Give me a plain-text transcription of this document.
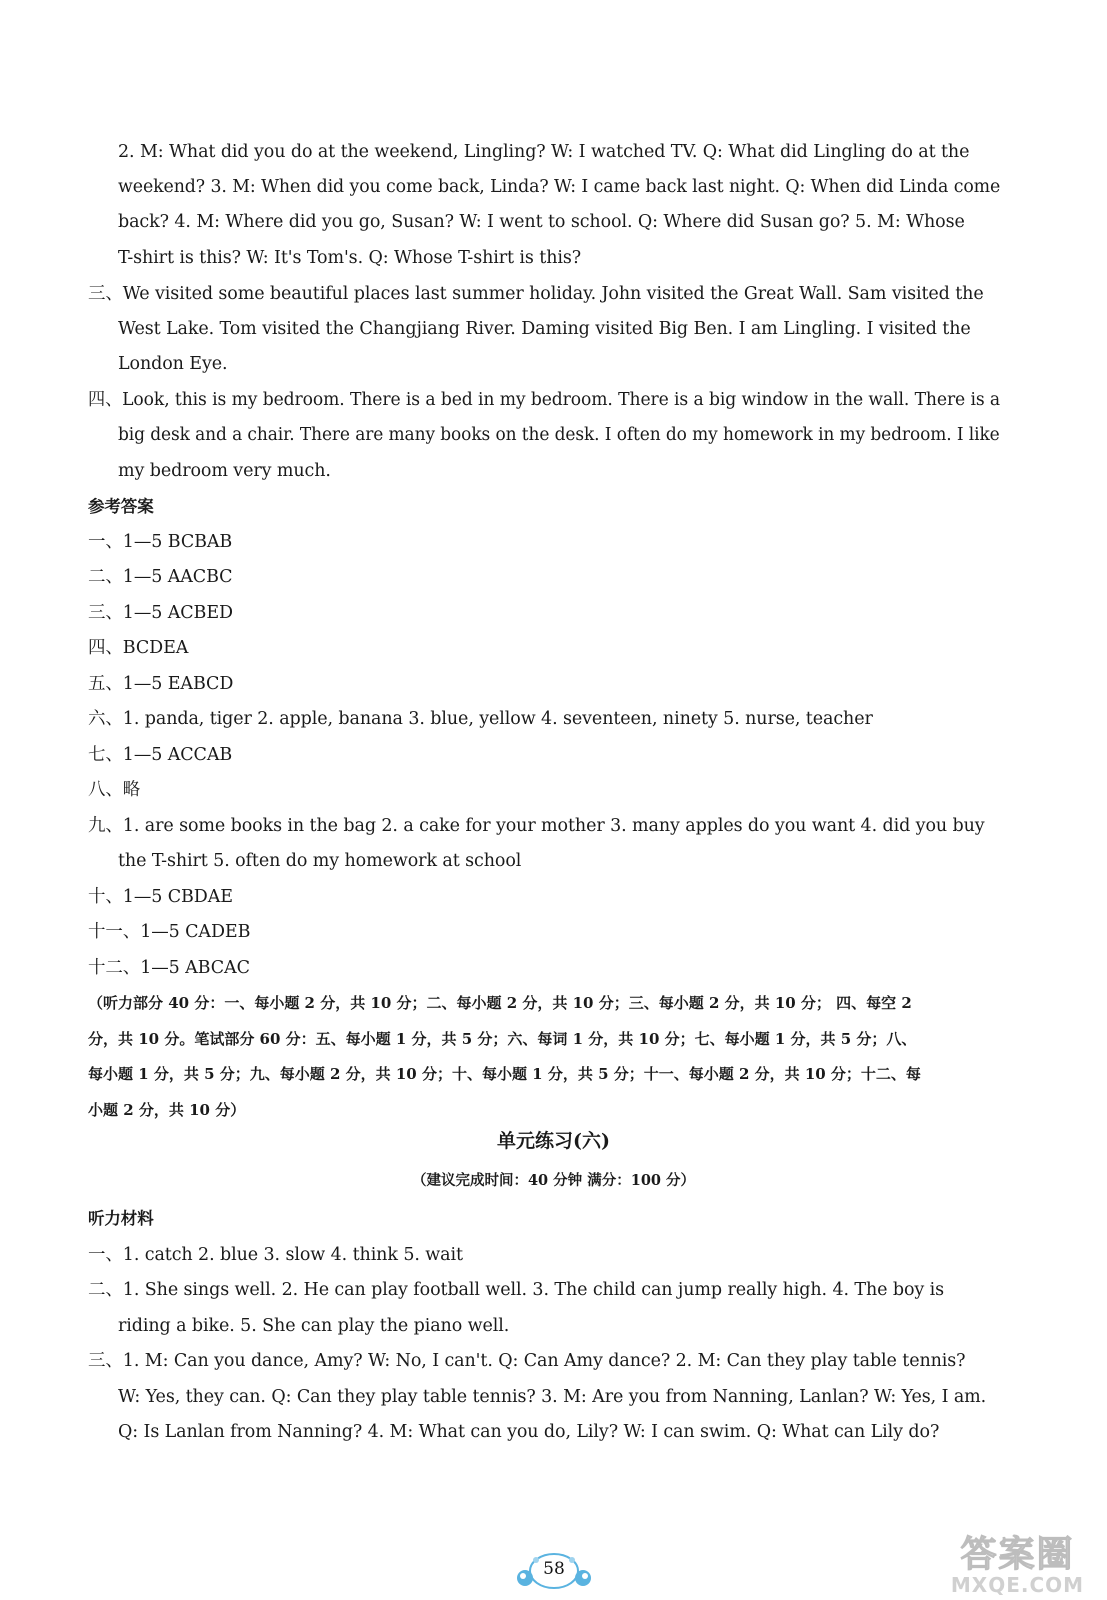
2. M: What did you do at the weekend, Lingling? W: I watched TV. Q: What did Lingling do at the
weekend? 3. M: When did you come back, Linda? W: I came back last night. Q: When did Linda come
back? 4. M: Where did you go, Susan? W: I went to school. Q: Where did Susan go? 5. M: Whose
T-shirt is this? W: It's Tom's. Q: Whose T-shirt is this?
三、We visited some beautiful places last summer holiday. John visited the Great Wall. Sam visited the
West Lake. Tom visited the Changjiang River. Daming visited Big Ben. I am Lingling. I visited the
London Eye.
四、Look, this is my bedroom. There is a bed in my bedroom. There is a big window in the wall. There is a
big desk and a chair. There are many books on the desk. I often do my homework in my bedroom. I like
my bedroom very much.
参考答案
一、1—5 BCBAB
二、1—5 AACBC
三、1—5 ACBED
四、BCDEA
五、1—5 EABCD
六、1. panda, tiger 2. apple, banana 3. blue, yellow 4. seventeen, ninety 5. nurse, teacher
七、1—5 ACCAB
八、略
九、1. are some books in the bag 2. a cake for your mother 3. many apples do you want 4. did you buy
the T-shirt 5. often do my homework at school
十、1—5 CBDAE
十一、1—5 CADEB
十二、1—5 ABCAC
（听力部分 40 分：一、每小题 2 分，共 10 分；二、每小题 2 分，共 10 分；三、每小题 2 分，共 10 分； 四、每空 2
分，共 10 分。笔试部分 60 分：五、每小题 1 分，共 5 分；六、每词 1 分，共 10 分；七、每小题 1 分，共 5 分；八、
每小题 1 分，共 5 分；九、每小题 2 分，共 10 分；十、每小题 1 分，共 5 分；十一、每小题 2 分，共 10 分；十二、每
小题 2 分，共 10 分）
单元练习(六)
（建议完成时间：40 分钟 满分：100 分）
听力材料
一、1. catch 2. blue 3. slow 4. think 5. wait
二、1. She sings well. 2. He can play football well. 3. The child can jump really high. 4. The boy is
riding a bike. 5. She can play the piano well.
三、1. M: Can you dance, Amy? W: No, I can't. Q: Can Amy dance? 2. M: Can they play table tennis?
W: Yes, they can. Q: Can they play table tennis? 3. M: Are you from Nanning, Lanlan? W: Yes, I am.
Q: Is Lanlan from Nanning? 4. M: What can you do, Lily? W: I can swim. Q: What can Lily do?
58	答案圈
MXQE.COM
